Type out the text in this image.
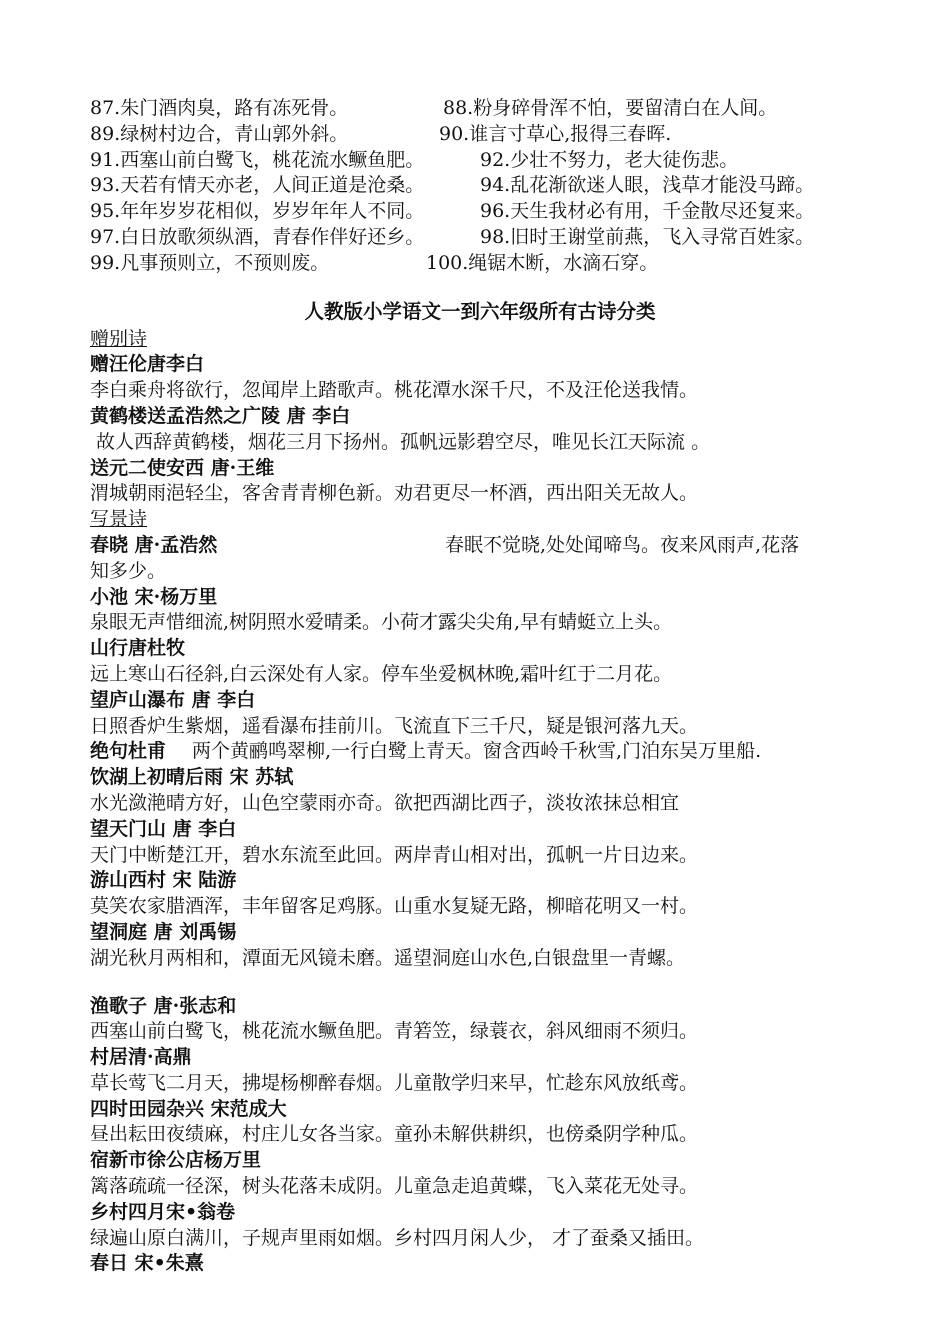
87.朱门酒肉臭，路有冻死骨。	88.粉身碎骨浑不怕，要留清白在人间。
89.绿树村边合，青山郭外斜。	90.谁言寸草心,报得三春晖.
91.西塞山前白鹭飞，桃花流水鳜鱼肥。	92.少壮不努力，老大徒伤悲。
93.天若有情天亦老，人间正道是沧桑。	94.乱花渐欲迷人眼，浅草才能没马蹄。
95.年年岁岁花相似，岁岁年年人不同。	96.天生我材必有用，千金散尽还复来。
97.白日放歌须纵酒，青春作伴好还乡。	98.旧时王谢堂前燕，飞入寻常百姓家。
99.凡事预则立，不预则废。	100.绳锯木断，水滴石穿。
人教版小学语文一到六年级所有古诗分类
赠别诗
赠汪伦唐李白
李白乘舟将欲行，忽闻岸上踏歌声。桃花潭水深千尺，不及汪伦送我情。
黄鹤楼送孟浩然之广陵 唐 李白
故人西辞黄鹤楼，烟花三月下扬州。孤帆远影碧空尽，唯见长江天际流 。
送元二使安西 唐·王维
渭城朝雨浥轻尘，客舍青青柳色新。劝君更尽一杯酒，西出阳关无故人。
写景诗
春晓 唐·孟浩然	春眠不觉晓,处处闻啼鸟。夜来风雨声,花落
知多少。
小池 宋·杨万里
泉眼无声惜细流,树阴照水爱晴柔。小荷才露尖尖角,早有蜻蜓立上头。
山行唐杜牧
远上寒山石径斜,白云深处有人家。停车坐爱枫林晚,霜叶红于二月花。
望庐山瀑布 唐 李白
日照香炉生紫烟，遥看瀑布挂前川。飞流直下三千尺，疑是银河落九天。
绝句杜甫 两个黄鹂鸣翠柳,一行白鹭上青天。窗含西岭千秋雪,门泊东吴万里船.
饮湖上初晴后雨 宋 苏轼
水光潋滟晴方好，山色空蒙雨亦奇。欲把西湖比西子，淡妆浓抹总相宜
望天门山 唐 李白
天门中断楚江开，碧水东流至此回。两岸青山相对出，孤帆一片日边来。
游山西村 宋 陆游
莫笑农家腊酒浑，丰年留客足鸡豚。山重水复疑无路，柳暗花明又一村。
望洞庭 唐 刘禹锡
湖光秋月两相和，潭面无风镜未磨。遥望洞庭山水色,白银盘里一青螺。
渔歌子 唐·张志和
西塞山前白鹭飞，桃花流水鳜鱼肥。青箬笠，绿蓑衣，斜风细雨不须归。
村居清·高鼎
草长莺飞二月天，拂堤杨柳醉春烟。儿童散学归来早，忙趁东风放纸鸢。
四时田园杂兴 宋范成大
昼出耘田夜绩麻，村庄儿女各当家。童孙未解供耕织，也傍桑阴学种瓜。
宿新市徐公店杨万里
篱落疏疏一径深，树头花落未成阴。儿童急走追黄蝶，飞入菜花无处寻。
乡村四月宋•翁卷
绿遍山原白满川，子规声里雨如烟。乡村四月闲人少， 才了蚕桑又插田。
春日 宋•朱熹
